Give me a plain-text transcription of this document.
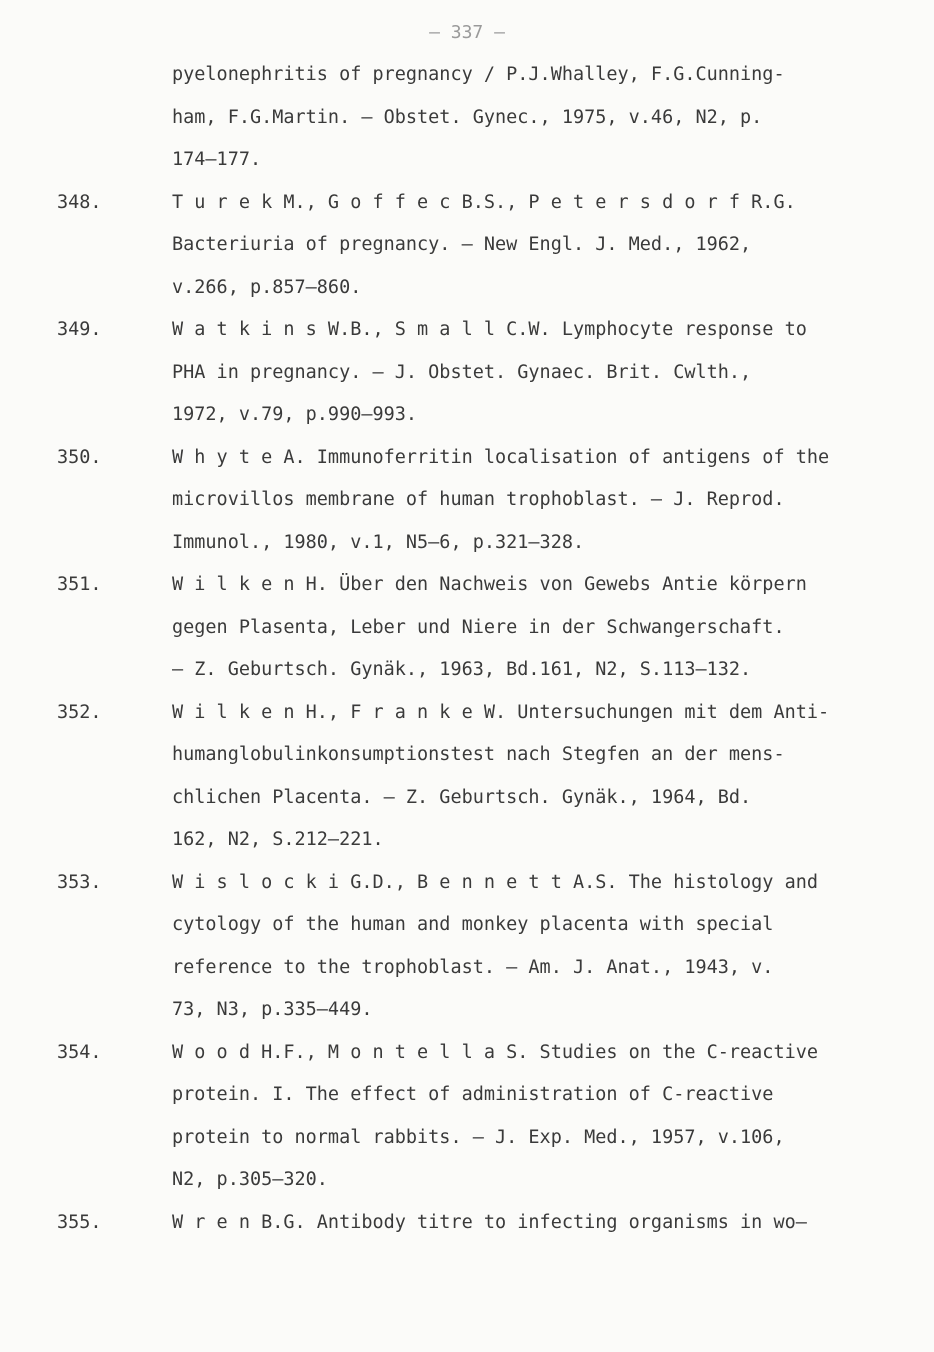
– 337 –
pyelonephritis of pregnancy / P.J.Whalley, F.G.Cunning-
ham, F.G.Martin. – Obstet. Gynec., 1975, v.46, N2, p.
174–177.
348.	T u r e k M., G o f f e c B.S., P e t e r s d o r f R.G.
Bacteriuria of pregnancy. – New Engl. J. Med., 1962,
v.266, p.857–860.
349.	W a t k i n s W.B., S m a l l C.W. Lymphocyte response to
PHA in pregnancy. – J. Obstet. Gynaec. Brit. Cwlth.,
1972, v.79, p.990–993.
350.	W h y t e A. Immunoferritin localisation of antigens of the
microvillos membrane of human trophoblast. – J. Reprod.
Immunol., 1980, v.1, N5–6, p.321–328.
351.	W i l k e n H. Über den Nachweis von Gewebs Antie körpern
gegen Plasenta, Leber und Niere in der Schwangerschaft.
– Z. Geburtsch. Gynäk., 1963, Bd.161, N2, S.113–132.
352.	W i l k e n H., F r a n k e W. Untersuchungen mit dem Anti-
humanglobulinkonsumptionstest nach Stegfen an der mens-
chlichen Placenta. – Z. Geburtsch. Gynäk., 1964, Bd.
162, N2, S.212–221.
353.	W i s l o c k i G.D., B e n n e t t A.S. The histology and
cytology of the human and monkey placenta with special
reference to the trophoblast. – Am. J. Anat., 1943, v.
73, N3, p.335–449.
354.	W o o d H.F., M o n t e l l a S. Studies on the C-reactive
protein. I. The effect of administration of C-reactive
protein to normal rabbits. – J. Exp. Med., 1957, v.106,
N2, p.305–320.
355.	W r e n B.G. Antibody titre to infecting organisms in wo–
